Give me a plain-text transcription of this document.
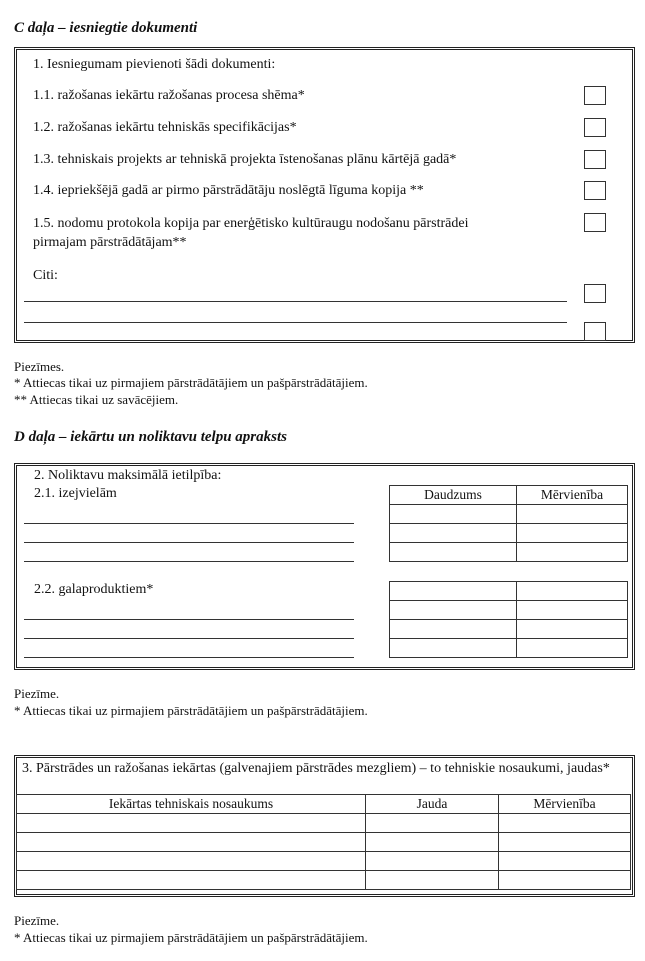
C daļa – iesniegtie dokumenti
1. Iesniegumam pievienoti šādi dokumenti:
1.1. ražošanas iekārtu ražošanas procesa shēma*
1.2. ražošanas iekārtu tehniskās specifikācijas*
1.3. tehniskais projekts ar tehniskā projekta īstenošanas plānu kārtējā gadā*
1.4. iepriekšējā gadā ar pirmo pārstrādātāju noslēgtā līguma kopija **
1.5. nodomu protokola kopija par enerģētisko kultūraugu nodošanu pārstrādei
pirmajam pārstrādātājam**
Citi:
Piezīmes.
* Attiecas tikai uz pirmajiem pārstrādātājiem un pašpārstrādātājiem.
** Attiecas tikai uz savācējiem.
D daļa – iekārtu un noliktavu telpu apraksts
2. Noliktavu maksimālā ietilpība:
2.1. izejvielām	Daudzums	Mērvienība

2.2. galaproduktiem*

Piezīme.
* Attiecas tikai uz pirmajiem pārstrādātājiem un pašpārstrādātājiem.
3. Pārstrādes un ražošanas iekārtas (galvenajiem pārstrādes mezgliem) – to tehniskie nosaukumi, jaudas*
Iekārtas tehniskais nosaukums	Jauda	Mērvienība

Piezīme.
* Attiecas tikai uz pirmajiem pārstrādātājiem un pašpārstrādātājiem.
